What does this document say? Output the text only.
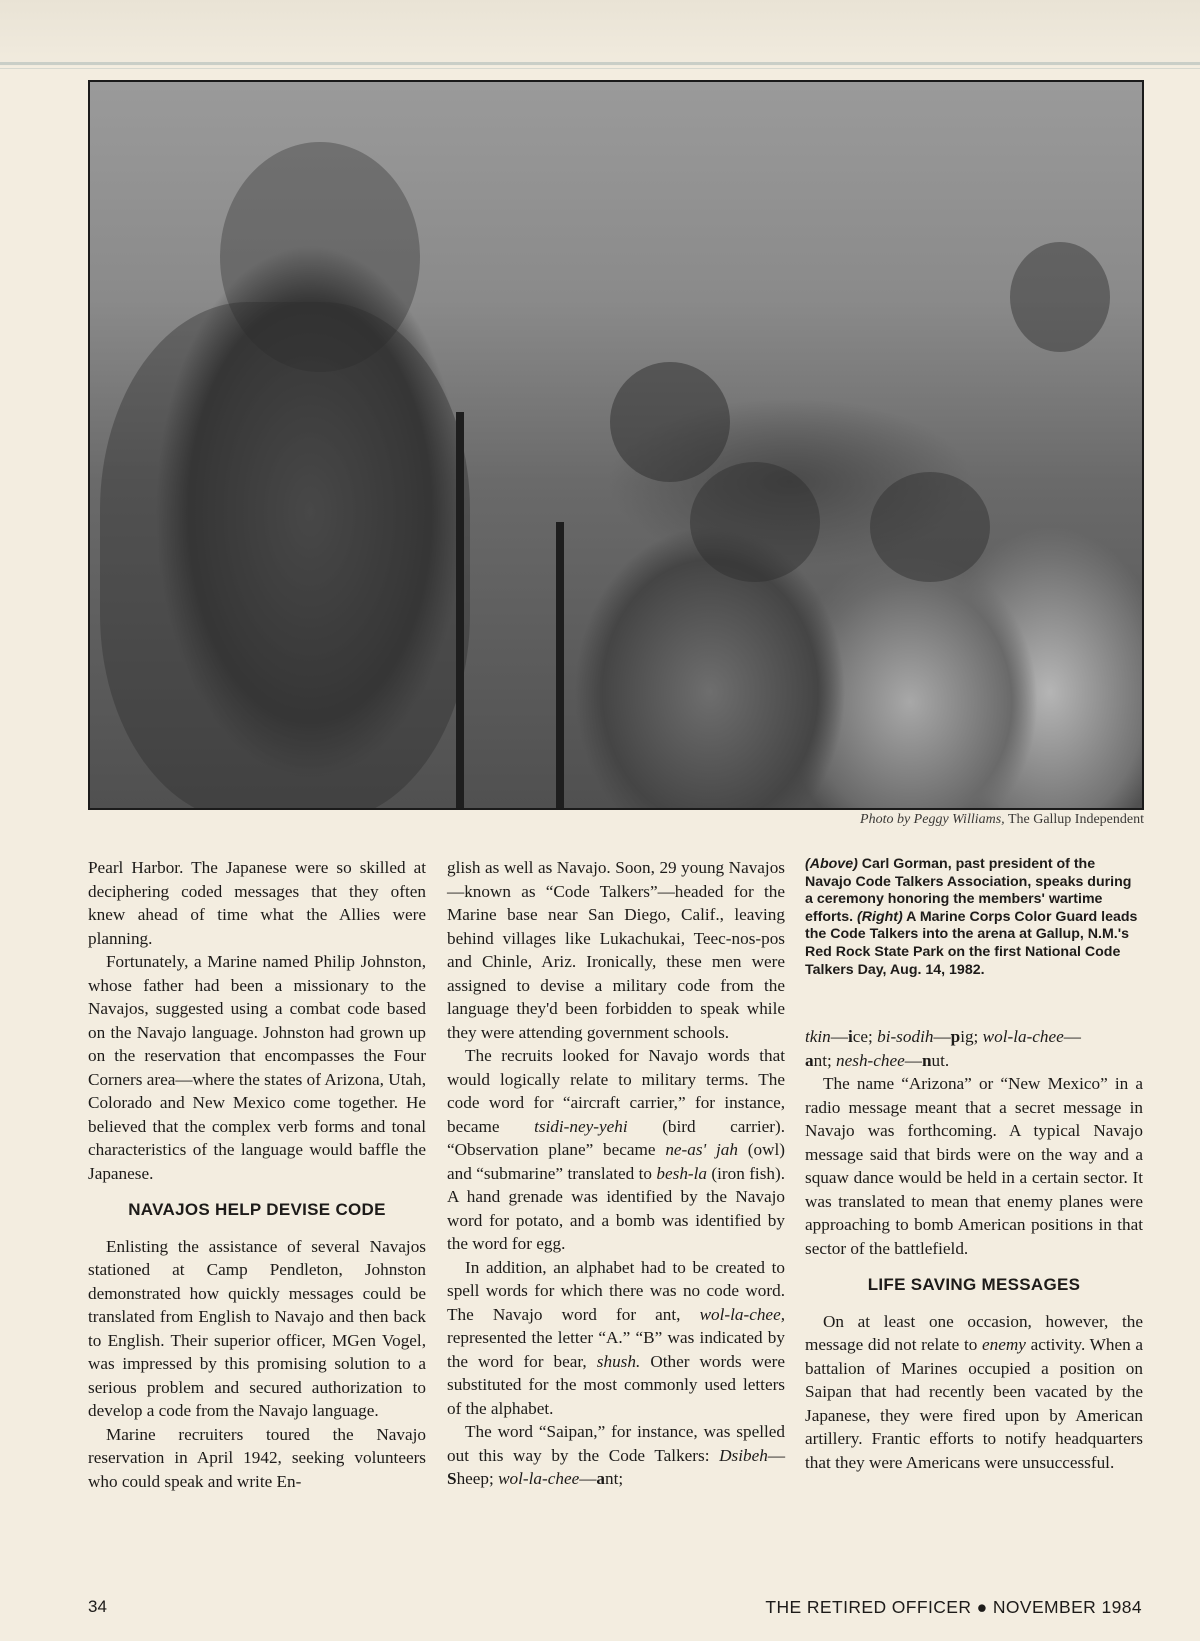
Photo by Peggy Williams, The Gallup Independent

Pearl Harbor. The Japanese were so skilled at deciphering coded messages that they often knew ahead of time what the Allies were planning.

Fortunately, a Marine named Philip Johnston, whose father had been a missionary to the Navajos, suggested using a combat code based on the Navajo language. Johnston had grown up on the reservation that encompasses the Four Corners area—where the states of Arizona, Utah, Colorado and New Mexico come together. He believed that the complex verb forms and tonal characteristics of the language would baffle the Japanese.

NAVAJOS HELP DEVISE CODE

Enlisting the assistance of several Navajos stationed at Camp Pendleton, Johnston demonstrated how quickly messages could be translated from English to Navajo and then back to English. Their superior officer, MGen Vogel, was impressed by this promising solution to a serious problem and secured authorization to develop a code from the Navajo language.

Marine recruiters toured the Navajo reservation in April 1942, seeking volunteers who could speak and write En-

glish as well as Navajo. Soon, 29 young Navajos—known as “Code Talkers”—headed for the Marine base near San Diego, Calif., leaving behind villages like Lukachukai, Teec-nos-pos and Chinle, Ariz. Ironically, these men were assigned to devise a military code from the language they'd been forbidden to speak while they were attending government schools.

The recruits looked for Navajo words that would logically relate to military terms. The code word for “aircraft carrier,” for instance, became tsidi-ney-yehi (bird carrier). “Observation plane” became ne-as' jah (owl) and “submarine” translated to besh-la (iron fish). A hand grenade was identified by the Navajo word for potato, and a bomb was identified by the word for egg.

In addition, an alphabet had to be created to spell words for which there was no code word. The Navajo word for ant, wol-la-chee, represented the letter “A.” “B” was indicated by the word for bear, shush. Other words were substituted for the most commonly used letters of the alphabet.

The word “Saipan,” for instance, was spelled out this way by the Code Talkers: Dsibeh—Sheep; wol-la-chee—ant;

(Above) Carl Gorman, past president of the Navajo Code Talkers Association, speaks during a ceremony honoring the members' wartime efforts. (Right) A Marine Corps Color Guard leads the Code Talkers into the arena at Gallup, N.M.'s Red Rock State Park on the first National Code Talkers Day, Aug. 14, 1982.

tkin—ice; bi-sodih—pig; wol-la-chee—
ant; nesh-chee—nut.

The name “Arizona” or “New Mexico” in a radio message meant that a secret message in Navajo was forthcoming. A typical Navajo message said that birds were on the way and a squaw dance would be held in a certain sector. It was translated to mean that enemy planes were approaching to bomb American positions in that sector of the battlefield.

LIFE SAVING MESSAGES

On at least one occasion, however, the message did not relate to enemy activity. When a battalion of Marines occupied a position on Saipan that had recently been vacated by the Japanese, they were fired upon by American artillery. Frantic efforts to notify headquarters that they were Americans were unsuccessful.

34	THE RETIRED OFFICER ● NOVEMBER 1984
